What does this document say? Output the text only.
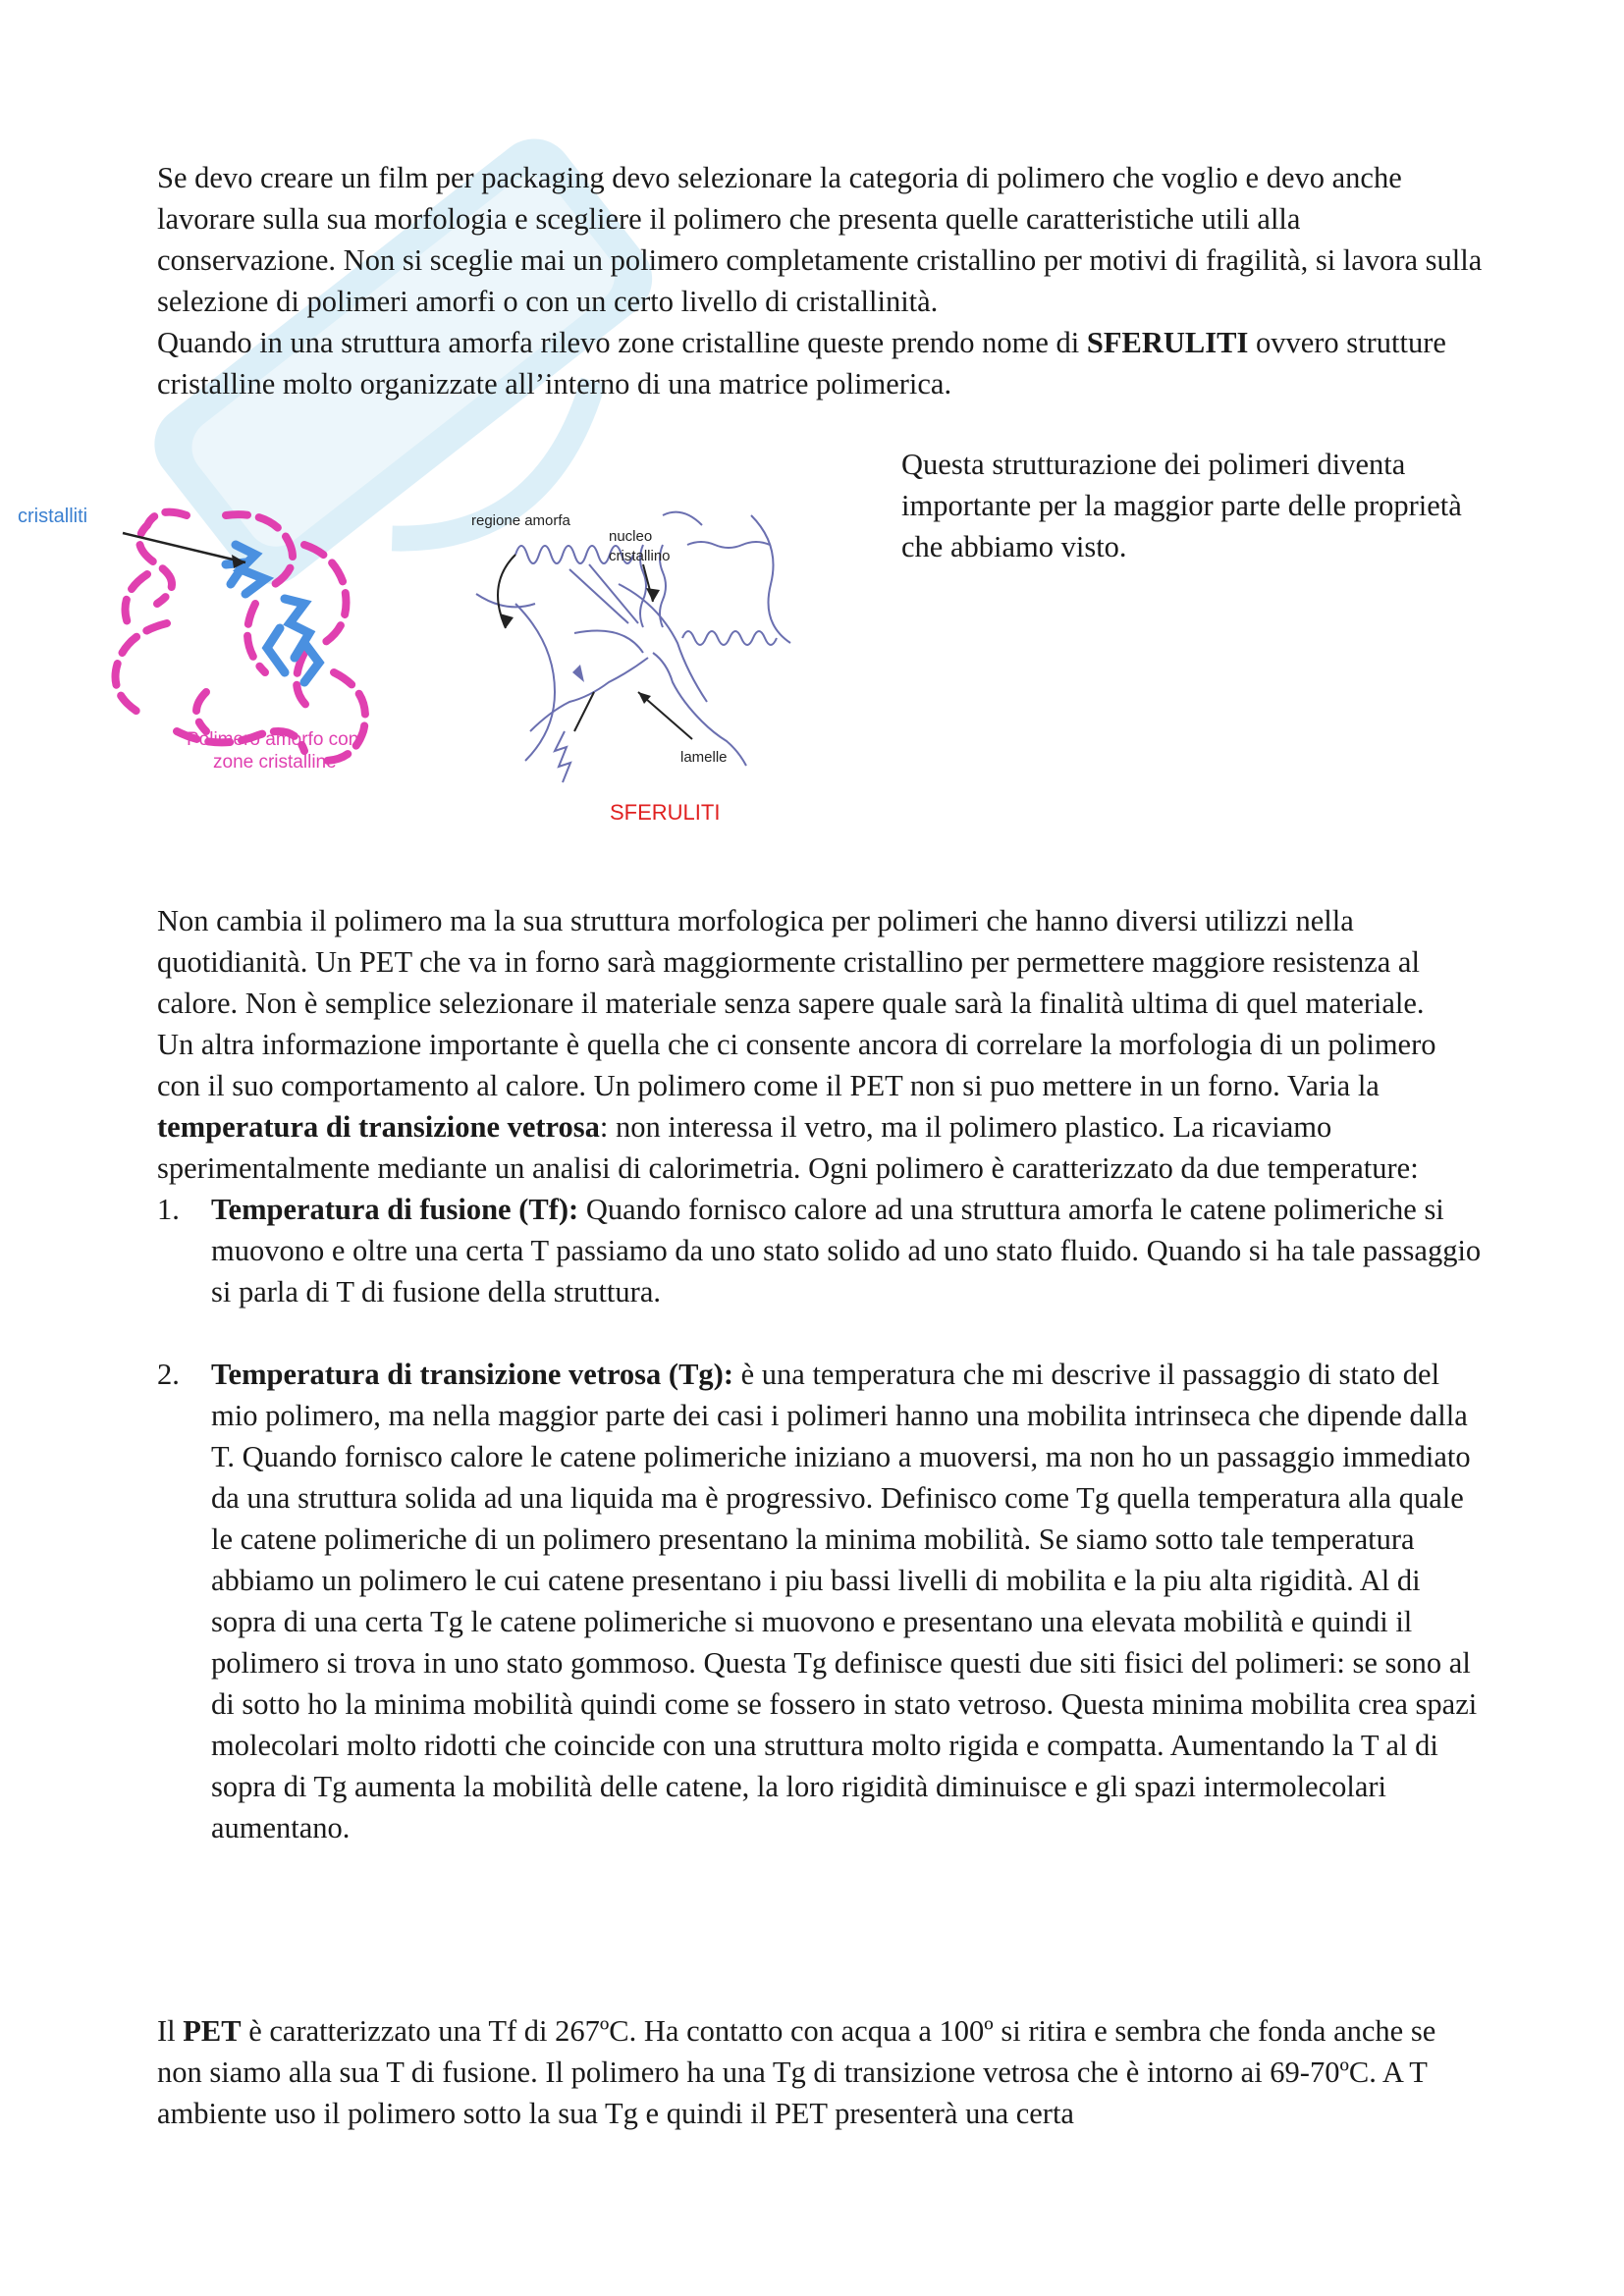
Se devo creare un film per packaging devo selezionare la categoria di polimero che voglio e devo anche lavorare sulla sua morfologia e scegliere il polimero che presenta quelle caratteristiche utili alla conservazione. Non si sceglie mai un polimero completamente cristallino per motivi di fragilità, si lavora sulla selezione di polimeri amorfi o con un certo livello di cristallinità.

Quando in una struttura amorfa rilevo zone cristalline queste prendo nome di SFERULITI ovvero strutture cristalline molto organizzate all’interno di una matrice polimerica.

cristalliti
Polimero amorfo con
zone cristalline
regione amorfa
nucleo
cristallino
lamelle
SFERULITI

Questa strutturazione dei polimeri diventa importante per la maggior parte delle proprietà che abbiamo visto.

Non cambia il polimero ma la sua struttura morfologica per polimeri che hanno diversi utilizzi nella quotidianità. Un PET che va in forno sarà maggiormente cristallino per permettere maggiore resistenza al calore. Non è semplice selezionare il materiale senza sapere quale sarà la finalità ultima di quel materiale.

Un altra informazione importante è quella che ci consente ancora di correlare la morfologia di un polimero con il suo comportamento al calore. Un polimero come il PET non si puo mettere in un forno. Varia la temperatura di transizione vetrosa: non interessa il vetro, ma il polimero plastico. La ricaviamo sperimentalmente mediante un analisi di calorimetria. Ogni polimero è caratterizzato da due temperature:

1. Temperatura di fusione (Tf): Quando fornisco calore ad una struttura amorfa le catene polimeriche si muovono e oltre una certa T passiamo da uno stato solido ad uno stato fluido. Quando si ha tale passaggio si parla di T di fusione della struttura.
2. Temperatura di transizione vetrosa (Tg): è una temperatura che mi descrive il passaggio di stato del mio polimero, ma nella maggior parte dei casi i polimeri hanno una mobilita intrinseca che dipende dalla T. Quando fornisco calore le catene polimeriche iniziano a muoversi, ma non ho un passaggio immediato da una struttura solida ad una liquida ma è progressivo. Definisco come Tg quella temperatura alla quale le catene polimeriche di un polimero presentano la minima mobilità. Se siamo sotto tale temperatura abbiamo un polimero le cui catene presentano i piu bassi livelli di mobilita e la piu alta rigidità. Al di sopra di una certa Tg le catene polimeriche si muovono e presentano una elevata mobilità e quindi il polimero si trova in uno stato gommoso. Questa Tg definisce questi due siti fisici del polimeri: se sono al di sotto ho la minima mobilità quindi come se fossero in stato vetroso. Questa minima mobilita crea spazi molecolari molto ridotti che coincide con una struttura molto rigida e compatta. Aumentando la T al di sopra di Tg aumenta la mobilità delle catene, la loro rigidità diminuisce e gli spazi intermolecolari aumentano.

Il PET è caratterizzato una Tf di 267ºC. Ha contatto con acqua a 100º si ritira e sembra che fonda anche se non siamo alla sua T di fusione. Il polimero ha una Tg di transizione vetrosa che è intorno ai 69-70ºC. A T ambiente uso il polimero sotto la sua Tg e quindi il PET presenterà una certa
